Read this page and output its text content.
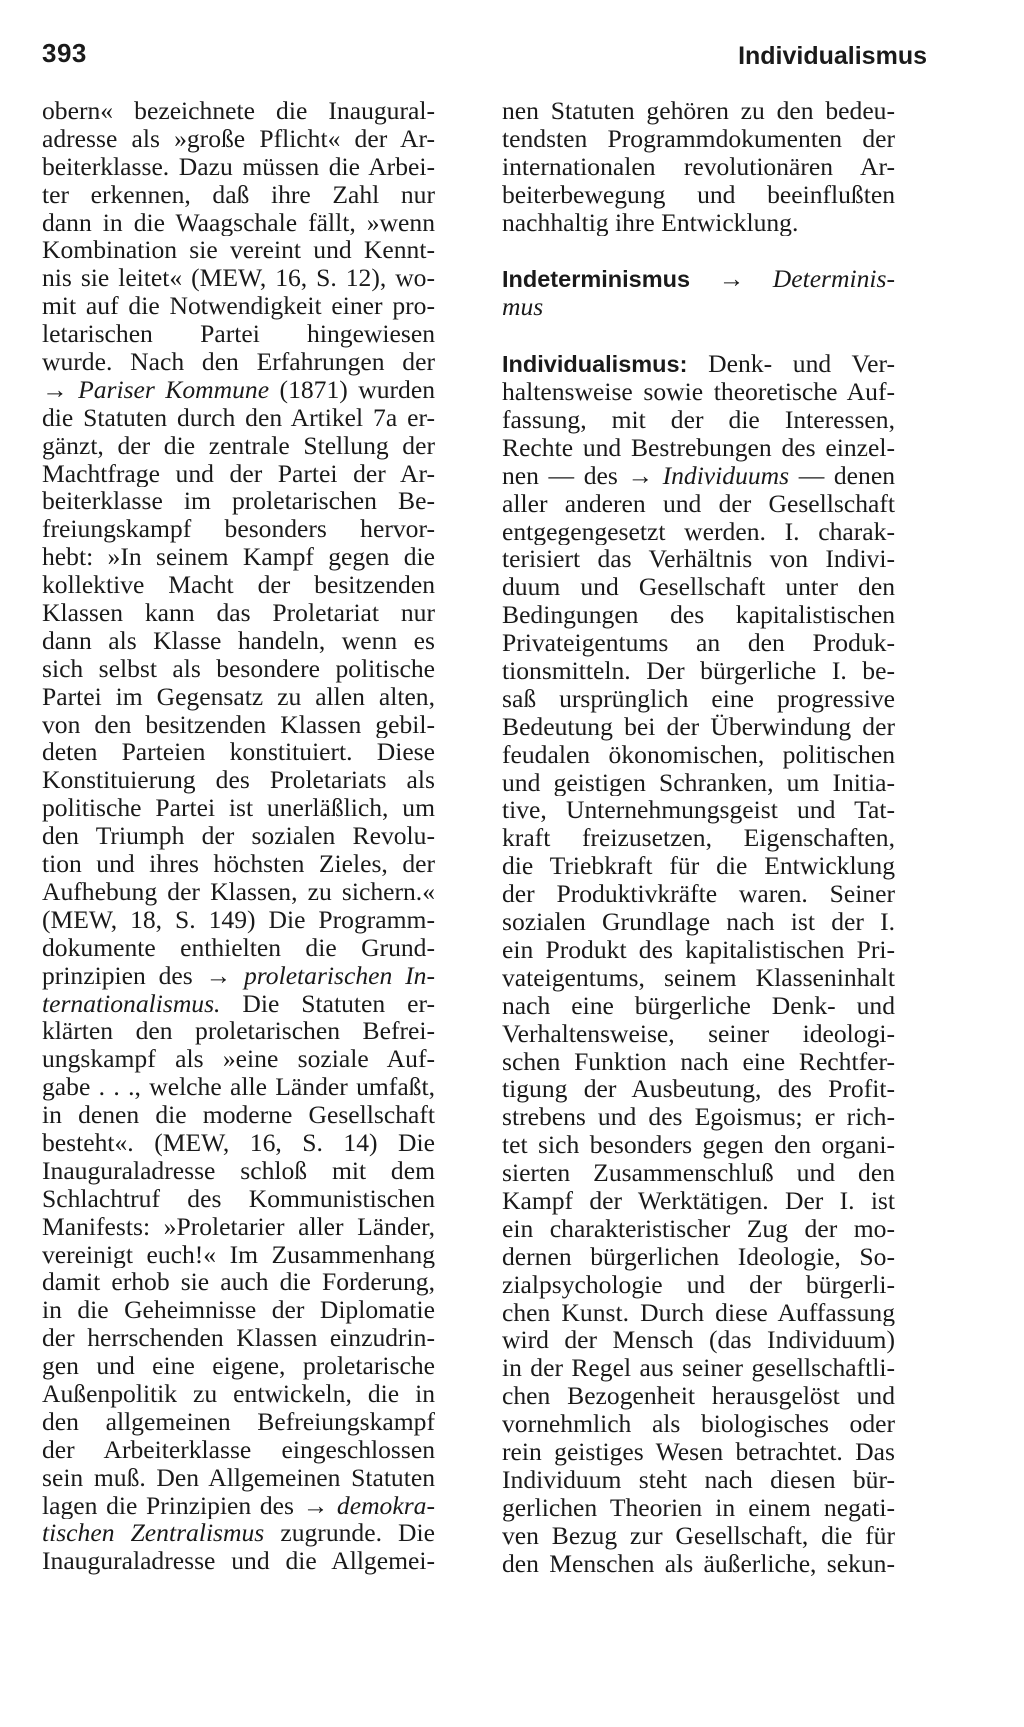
393	Individualismus
obern« bezeichnete die Inaugural-
adresse als »große Pflicht« der Ar-
beiterklasse. Dazu müssen die Arbei-
ter erkennen, daß ihre Zahl nur
dann in die Waagschale fällt, »wenn
Kombination sie vereint und Kennt-
nis sie leitet« (MEW, 16, S. 12), wo-
mit auf die Notwendigkeit einer pro-
letarischen Partei hingewiesen
wurde. Nach den Erfahrungen der
→ Pariser Kommune (1871) wurden
die Statuten durch den Artikel 7a er-
gänzt, der die zentrale Stellung der
Machtfrage und der Partei der Ar-
beiterklasse im proletarischen Be-
freiungskampf besonders hervor-
hebt: »In seinem Kampf gegen die
kollektive Macht der besitzenden
Klassen kann das Proletariat nur
dann als Klasse handeln, wenn es
sich selbst als besondere politische
Partei im Gegensatz zu allen alten,
von den besitzenden Klassen gebil-
deten Parteien konstituiert. Diese
Konstituierung des Proletariats als
politische Partei ist unerläßlich, um
den Triumph der sozialen Revolu-
tion und ihres höchsten Zieles, der
Aufhebung der Klassen, zu sichern.«
(MEW, 18, S. 149) Die Programm-
dokumente enthielten die Grund-
prinzipien des → proletarischen In-
ternationalismus. Die Statuten er-
klärten den proletarischen Befrei-
ungskampf als »eine soziale Auf-
gabe . . ., welche alle Länder umfaßt,
in denen die moderne Gesellschaft
besteht«. (MEW, 16, S. 14) Die
Inauguraladresse schloß mit dem
Schlachtruf des Kommunistischen
Manifests: »Proletarier aller Länder,
vereinigt euch!« Im Zusammenhang
damit erhob sie auch die Forderung,
in die Geheimnisse der Diplomatie
der herrschenden Klassen einzudrin-
gen und eine eigene, proletarische
Außenpolitik zu entwickeln, die in
den allgemeinen Befreiungskampf
der Arbeiterklasse eingeschlossen
sein muß. Den Allgemeinen Statuten
lagen die Prinzipien des → demokra-
tischen Zentralismus zugrunde. Die
Inauguraladresse und die Allgemei-
nen Statuten gehören zu den bedeu-
tendsten Programmdokumenten der
internationalen revolutionären Ar-
beiterbewegung und beeinflußten
nachhaltig ihre Entwicklung.
Indeterminismus → Determinis-
mus
Individualismus: Denk- und Ver-
haltensweise sowie theoretische Auf-
fassung, mit der die Interessen,
Rechte und Bestrebungen des einzel-
nen — des → Individuums — denen
aller anderen und der Gesellschaft
entgegengesetzt werden. I. charak-
terisiert das Verhältnis von Indivi-
duum und Gesellschaft unter den
Bedingungen des kapitalistischen
Privateigentums an den Produk-
tionsmitteln. Der bürgerliche I. be-
saß ursprünglich eine progressive
Bedeutung bei der Überwindung der
feudalen ökonomischen, politischen
und geistigen Schranken, um Initia-
tive, Unternehmungsgeist und Tat-
kraft freizusetzen, Eigenschaften,
die Triebkraft für die Entwicklung
der Produktivkräfte waren. Seiner
sozialen Grundlage nach ist der I.
ein Produkt des kapitalistischen Pri-
vateigentums, seinem Klasseninhalt
nach eine bürgerliche Denk- und
Verhaltensweise, seiner ideologi-
schen Funktion nach eine Rechtfer-
tigung der Ausbeutung, des Profit-
strebens und des Egoismus; er rich-
tet sich besonders gegen den organi-
sierten Zusammenschluß und den
Kampf der Werktätigen. Der I. ist
ein charakteristischer Zug der mo-
dernen bürgerlichen Ideologie, So-
zialpsychologie und der bürgerli-
chen Kunst. Durch diese Auffassung
wird der Mensch (das Individuum)
in der Regel aus seiner gesellschaftli-
chen Bezogenheit herausgelöst und
vornehmlich als biologisches oder
rein geistiges Wesen betrachtet. Das
Individuum steht nach diesen bür-
gerlichen Theorien in einem negati-
ven Bezug zur Gesellschaft, die für
den Menschen als äußerliche, sekun-
